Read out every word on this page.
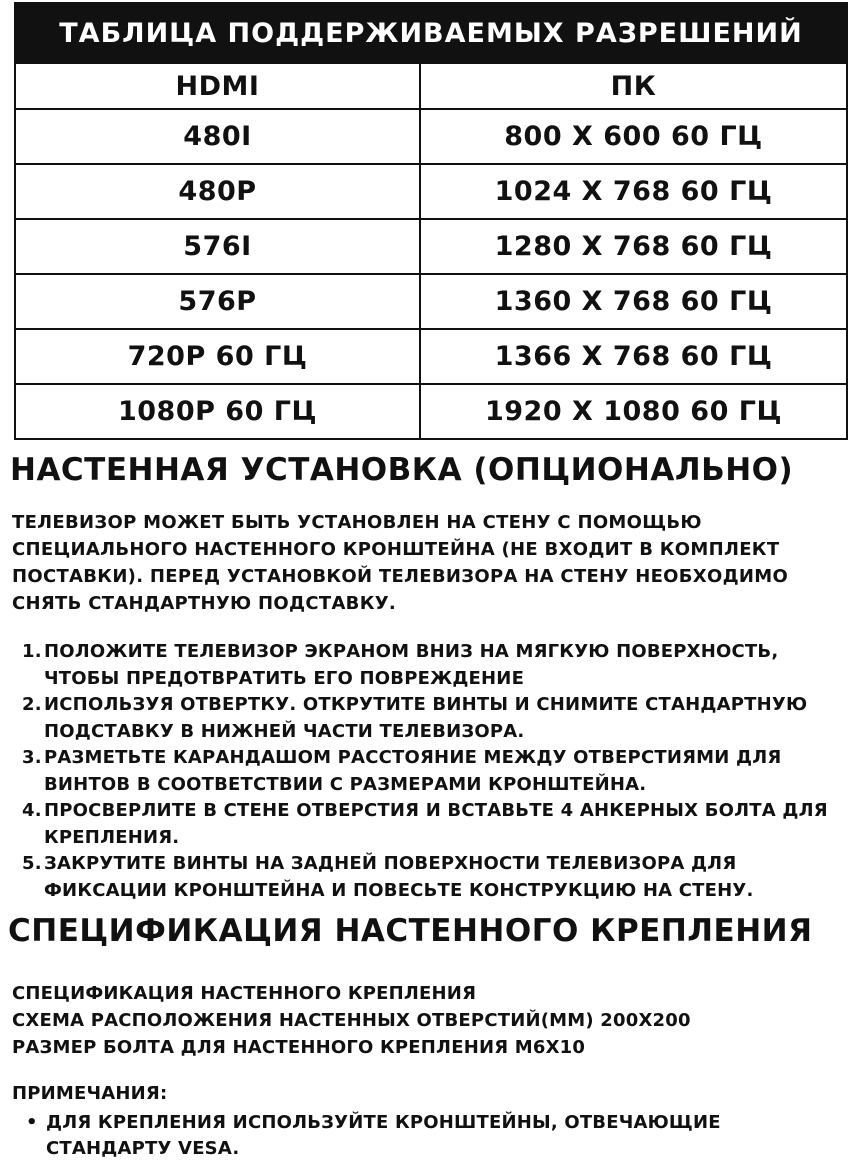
ТАБЛИЦА ПОДДЕРЖИВАЕМЫХ РАЗРЕШЕНИЙ	
HDMI	ПК
480I	800 X 600 60 ГЦ
480P	1024 X 768 60 ГЦ
576I	1280 X 768 60 ГЦ
576P	1360 X 768 60 ГЦ
720P 60 ГЦ	1366 X 768 60 ГЦ
1080P 60 ГЦ	1920 X 1080 60 ГЦ
НАСТЕННАЯ УСТАНОВКА (ОПЦИОНАЛЬНО)
ТЕЛЕВИЗОР МОЖЕТ БЫТЬ УСТАНОВЛЕН НА СТЕНУ С ПОМОЩЬЮ
СПЕЦИАЛЬНОГО НАСТЕННОГО КРОНШТЕЙНА (НЕ ВХОДИТ В КОМПЛЕКТ
ПОСТАВКИ). ПЕРЕД УСТАНОВКОЙ ТЕЛЕВИЗОРА НА СТЕНУ НЕОБХОДИМО
СНЯТЬ СТАНДАРТНУЮ ПОДСТАВКУ.
1. ПОЛОЖИТЕ ТЕЛЕВИЗОР ЭКРАНОМ ВНИЗ НА МЯГКУЮ ПОВЕРХНОСТЬ,
ЧТОБЫ ПРЕДОТВРАТИТЬ ЕГО ПОВРЕЖДЕНИЕ
2. ИСПОЛЬЗУЯ ОТВЕРТКУ. ОТКРУТИТЕ ВИНТЫ И СНИМИТЕ СТАНДАРТНУЮ
ПОДСТАВКУ В НИЖНЕЙ ЧАСТИ ТЕЛЕВИЗОРА.
3. РАЗМЕТЬТЕ КАРАНДАШОМ РАССТОЯНИЕ МЕЖДУ ОТВЕРСТИЯМИ ДЛЯ
ВИНТОВ В СООТВЕТСТВИИ С РАЗМЕРАМИ КРОНШТЕЙНА.
4. ПРОСВЕРЛИТЕ В СТЕНЕ ОТВЕРСТИЯ И ВСТАВЬТЕ 4 АНКЕРНЫХ БОЛТА ДЛЯ
КРЕПЛЕНИЯ.
5. ЗАКРУТИТЕ ВИНТЫ НА ЗАДНЕЙ ПОВЕРХНОСТИ ТЕЛЕВИЗОРА ДЛЯ
ФИКСАЦИИ КРОНШТЕЙНА И ПОВЕСЬТЕ КОНСТРУКЦИЮ НА СТЕНУ.
СПЕЦИФИКАЦИЯ НАСТЕННОГО КРЕПЛЕНИЯ
СПЕЦИФИКАЦИЯ НАСТЕННОГО КРЕПЛЕНИЯ
СХЕМА РАСПОЛОЖЕНИЯ НАСТЕННЫХ ОТВЕРСТИЙ(ММ) 200Х200
РАЗМЕР БОЛТА ДЛЯ НАСТЕННОГО КРЕПЛЕНИЯ М6Х10
ПРИМЕЧАНИЯ:
• ДЛЯ КРЕПЛЕНИЯ ИСПОЛЬЗУЙТЕ КРОНШТЕЙНЫ, ОТВЕЧАЮЩИЕ
СТАНДАРТУ VESA.
